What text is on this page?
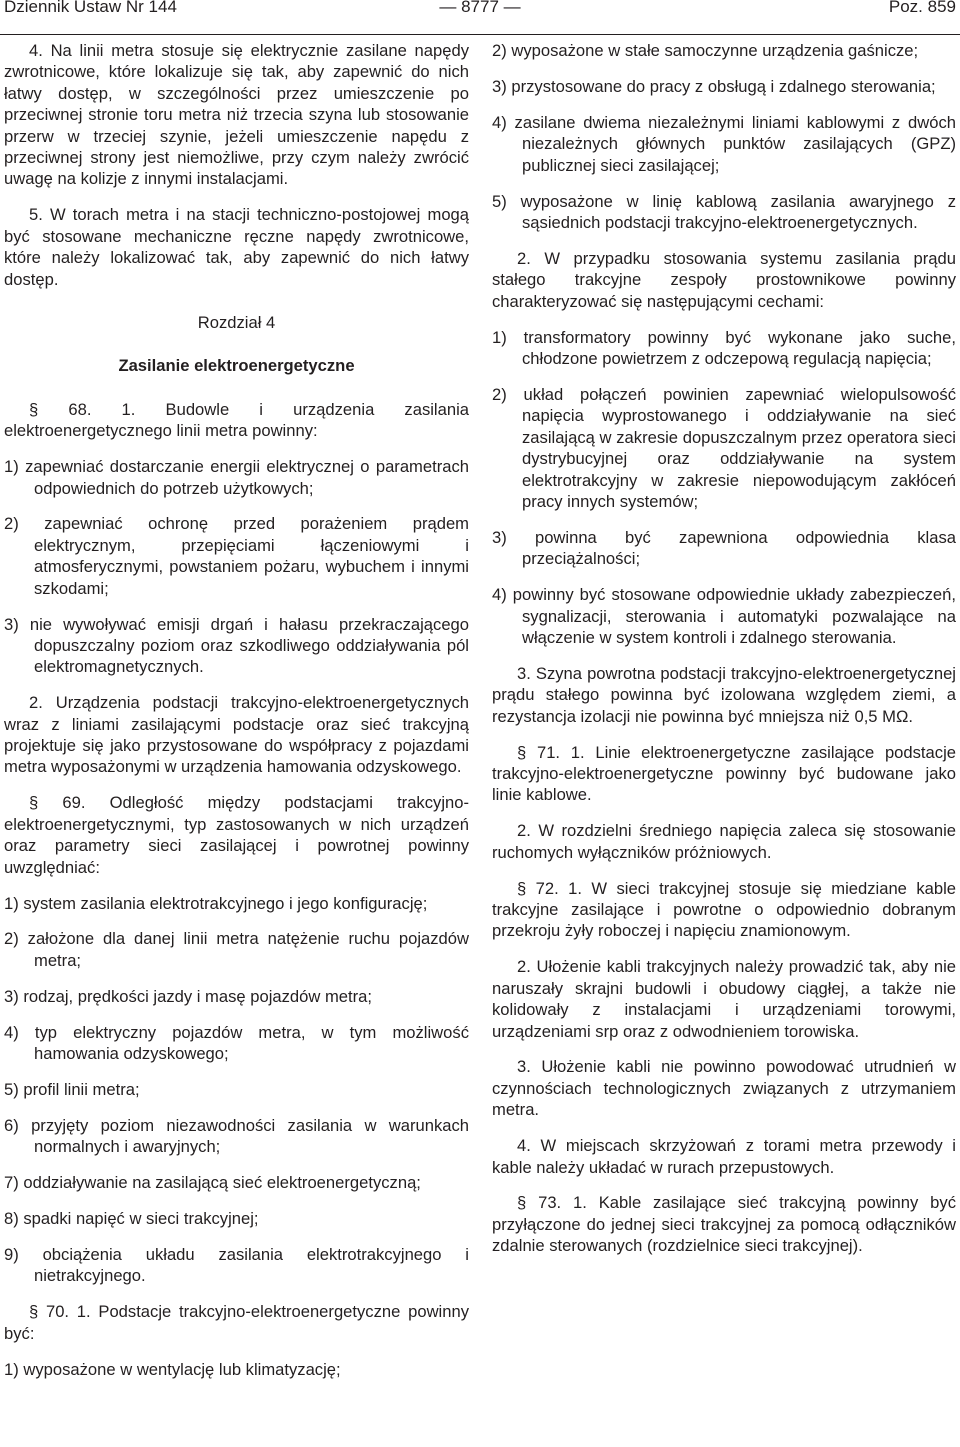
Dziennik Ustaw Nr 144	— 8777 —	Poz. 859

4. Na linii metra stosuje się elektrycznie zasilane napędy zwrotnicowe, które lokalizuje się tak, aby zapewnić do nich łatwy dostęp, w szczególności przez umieszczenie po przeciwnej stronie toru metra niż trzecia szyna lub stosowanie przerw w trzeciej szynie, jeżeli umieszczenie napędu z przeciwnej strony jest niemożliwe, przy czym należy zwrócić uwagę na kolizje z innymi instalacjami.

5. W torach metra i na stacji techniczno-postojowej mogą być stosowane mechaniczne ręczne napędy zwrotnicowe, które należy lokalizować tak, aby zapewnić do nich łatwy dostęp.

Rozdział 4
Zasilanie elektroenergetyczne

§ 68. 1. Budowle i urządzenia zasilania elektroenergetycznego linii metra powinny:

1) zapewniać dostarczanie energii elektrycznej o parametrach odpowiednich do potrzeb użytkowych;
2) zapewniać ochronę przed porażeniem prądem elektrycznym, przepięciami łączeniowymi i atmosferycznymi, powstaniem pożaru, wybuchem i innymi szkodami;
3) nie wywoływać emisji drgań i hałasu przekraczającego dopuszczalny poziom oraz szkodliwego oddziaływania pól elektromagnetycznych.

2. Urządzenia podstacji trakcyjno-elektroenergetycznych wraz z liniami zasilającymi podstacje oraz sieć trakcyjną projektuje się jako przystosowane do współpracy z pojazdami metra wyposażonymi w urządzenia hamowania odzyskowego.

§ 69. Odległość między podstacjami trakcyjno-elektroenergetycznymi, typ zastosowanych w nich urządzeń oraz parametry sieci zasilającej i powrotnej powinny uwzględniać:

1) system zasilania elektrotrakcyjnego i jego konfigurację;
2) założone dla danej linii metra natężenie ruchu pojazdów metra;
3) rodzaj, prędkości jazdy i masę pojazdów metra;
4) typ elektryczny pojazdów metra, w tym możliwość hamowania odzyskowego;
5) profil linii metra;
6) przyjęty poziom niezawodności zasilania w warunkach normalnych i awaryjnych;
7) oddziaływanie na zasilającą sieć elektroenergetyczną;
8) spadki napięć w sieci trakcyjnej;
9) obciążenia układu zasilania elektrotrakcyjnego i nietrakcyjnego.

§ 70. 1. Podstacje trakcyjno-elektroenergetyczne powinny być:

1) wyposażone w wentylację lub klimatyzację;
2) wyposażone w stałe samoczynne urządzenia gaśnicze;
3) przystosowane do pracy z obsługą i zdalnego sterowania;
4) zasilane dwiema niezależnymi liniami kablowymi z dwóch niezależnych głównych punktów zasilających (GPZ) publicznej sieci zasilającej;
5) wyposażone w linię kablową zasilania awaryjnego z sąsiednich podstacji trakcyjno-elektroenergetycznych.

2. W przypadku stosowania systemu zasilania prądu stałego trakcyjne zespoły prostownikowe powinny charakteryzować się następującymi cechami:

1) transformatory powinny być wykonane jako suche, chłodzone powietrzem z odczepową regulacją napięcia;
2) układ połączeń powinien zapewniać wielopulsowość napięcia wyprostowanego i oddziaływanie na sieć zasilającą w zakresie dopuszczalnym przez operatora sieci dystrybucyjnej oraz oddziaływanie na system elektrotrakcyjny w zakresie niepowodującym zakłóceń pracy innych systemów;
3) powinna być zapewniona odpowiednia klasa przeciążalności;
4) powinny być stosowane odpowiednie układy zabezpieczeń, sygnalizacji, sterowania i automatyki pozwalające na włączenie w system kontroli i zdalnego sterowania.

3. Szyna powrotna podstacji trakcyjno-elektroenergetycznej prądu stałego powinna być izolowana względem ziemi, a rezystancja izolacji nie powinna być mniejsza niż 0,5 MΩ.

§ 71. 1. Linie elektroenergetyczne zasilające podstacje trakcyjno-elektroenergetyczne powinny być budowane jako linie kablowe.

2. W rozdzielni średniego napięcia zaleca się stosowanie ruchomych wyłączników próżniowych.

§ 72. 1. W sieci trakcyjnej stosuje się miedziane kable trakcyjne zasilające i powrotne o odpowiednio dobranym przekroju żyły roboczej i napięciu znamionowym.

2. Ułożenie kabli trakcyjnych należy prowadzić tak, aby nie naruszały skrajni budowli i obudowy ciągłej, a także nie kolidowały z instalacjami i urządzeniami torowymi, urządzeniami srp oraz z odwodnieniem torowiska.

3. Ułożenie kabli nie powinno powodować utrudnień w czynnościach technologicznych związanych z utrzymaniem metra.

4. W miejscach skrzyżowań z torami metra przewody i kable należy układać w rurach przepustowych.

§ 73. 1. Kable zasilające sieć trakcyjną powinny być przyłączone do jednej sieci trakcyjnej za pomocą odłączników zdalnie sterowanych (rozdzielnice sieci trakcyjnej).
